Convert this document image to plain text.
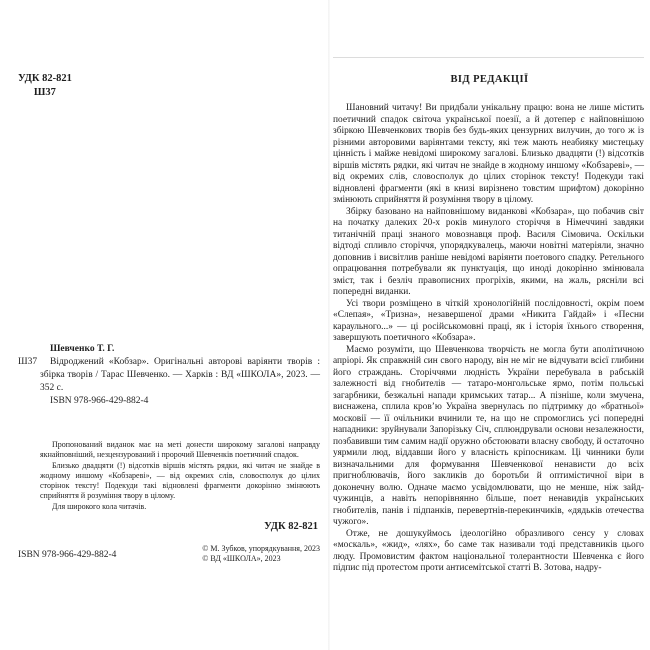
УДК 82-821
Ш37
Ш37
Шевченко Т. Г.
Відроджений «Кобзар». Оригінальні авторові варіянти творів : збірка творів / Тарас Шевченко. — Харків : ВД «ШКОЛА», 2023. — 352 с.
ISBN 978-966-429-882-4

Пропонований виданок має на меті донести широкому загалові направду якнайповніший, незцензурований і пророчий Шевченків поетичний спадок.

Близько двадцяти (!) відсотків віршів містять рядки, які читач не знайде в жодному иншому «Кобзареві», — від окремих слів, словосполук до цілих сторінок тексту! Подекуди такі відновлені фрагменти докорінно змінюють сприйняття й розуміння твору в цілому.

Для широкого кола читачів.

УДК 82-821
ISBN 978-966-429-882-4
© М. Зубков, упорядкування, 2023
© ВД «ШКОЛА», 2023
ВІД РЕДАКЦІЇ

Шановний читачу! Ви придбали унікальну працю: вона не лише містить поетичний спадок світоча української поезії, а й дотепер є найповнішою збіркою Шевченкових творів без будь-яких цензурних вилучин, до того ж із різними авторовими варіянтами тексту, які теж мають неабияку мистецьку цінність і майже невідомі широкому загалові. Близько двадцяти (!) відсотків віршів містять рядки, які читач не знайде в жодному иншому «Кобзареві», — від окремих слів, словосполук до цілих сторінок тексту! Подекуди такі відновлені фрагменти (які в книзі вирізнено товстим шрифтом) докорінно змінюють сприйняття й розуміння твору в цілому.

Збірку базовано на найповнішому виданкові «Кобзара», що побачив світ на початку далеких 20-х років минулого сторіччя в Німеччині завдяки титанічній праці знаного мовознавця проф. Василя Сімовича. Оскільки відтоді спливло сторіччя, упорядкувалець, маючи новітні матеріяли, значно доповнив і висвітлив раніше невідомі варіянти поетового спадку. Ретельного опрацювання потребували як пунктуація, що иноді докорінно змінювала зміст, так і безліч правописних прогріхів, якими, на жаль, рясніли всі попередні виданки.

Усі твори розміщено в чіткій хронологійній послідовності, окрім поем «Слепая», «Тризна», незавершеної драми «Никита Гайдай» і «Песни караульного...» — ці російськомовні праці, як і історія їхнього створення, завершують поетичного «Кобзара».

Маємо розуміти, що Шевченкова творчість не могла бути аполітичною апріорі. Як справжній син свого народу, він не міг не відчувати всієї глибини його страждань. Сторіччями людність України перебувала в рабській залежності від гнобителів — татаро-монгольське ярмо, потім польські загарбники, безжальні напади кримських татар... А пізніше, коли змучена, виснажена, сплила кровʼю Україна звернулась по підтримку до «братньої» московії — її очільники вчинили те, на що не спромоглись усі попередні нападники: зруйнували Запорізьку Січ, сплюндрували основи незалежности, позбавивши тим самим надії оружно обстоювати власну свободу, й остаточно уярмили люд, віддавши його у власність кріпосникам. Ці чинники були визначальними для формування Шевченкової ненависти до всіх пригноблювачів, його закликів до боротьби й оптимістичної віри в доконечну волю. Одначе маємо усвідомлювати, що не менше, ніж зайд-чужинців, а навіть непорівнянно більше, поет ненавидів українських гнобителів, панів і підпанків, перевертнів-перекинчиків, «дядьків отечества чужого».

Отже, не дошукуймось ідеологійно образливого сенсу у словах «москаль», «жид», «лях», бо саме так називали тоді представників цього люду. Промовистим фактом національної толерантности Шевченка є його підпис під протестом проти антисемітської статті В. Зотова, надру-
